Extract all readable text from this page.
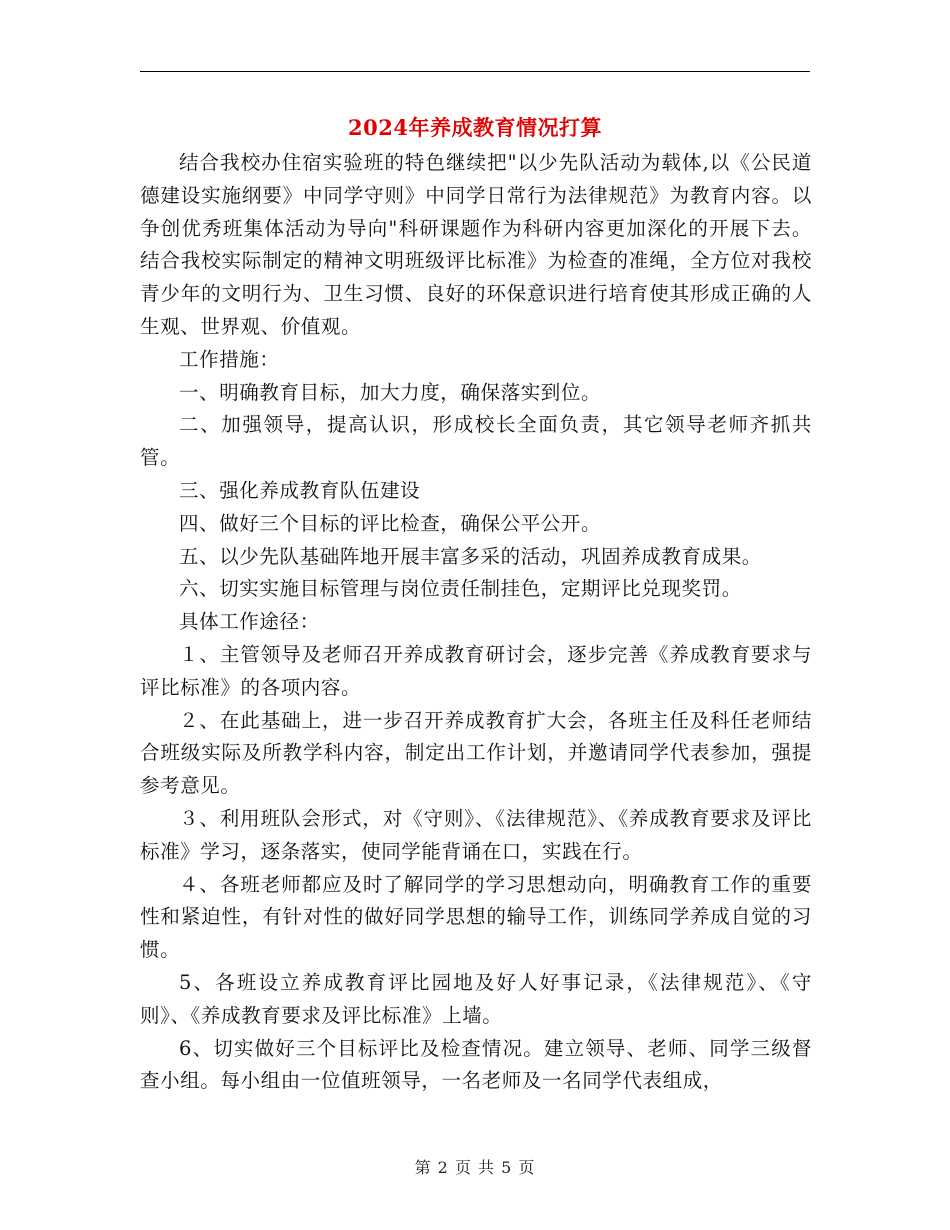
2024年养成教育情况打算

结合我校办住宿实验班的特色继续把"以少先队活动为载体,以《公民道德建设实施纲要》中同学守则》中同学日常行为法律规范》为教育内容。以争创优秀班集体活动为导向"科研课题作为科研内容更加深化的开展下去。结合我校实际制定的精神文明班级评比标准》为检查的准绳，全方位对我校青少年的文明行为、卫生习惯、良好的环保意识进行培育使其形成正确的人生观、世界观、价值观。

工作措施：

一、明确教育目标，加大力度，确保落实到位。

二、加强领导，提高认识，形成校长全面负责，其它领导老师齐抓共管。

三、强化养成教育队伍建设

四、做好三个目标的评比检查，确保公平公开。

五、以少先队基础阵地开展丰富多采的活动，巩固养成教育成果。

六、切实实施目标管理与岗位责任制挂色，定期评比兑现奖罚。

具体工作途径：

１、主管领导及老师召开养成教育研讨会，逐步完善《养成教育要求与评比标准》的各项内容。

２、在此基础上，进一步召开养成教育扩大会，各班主任及科任老师结合班级实际及所教学科内容，制定出工作计划，并邀请同学代表参加，强提参考意见。

３、利用班队会形式，对《守则》、《法律规范》、《养成教育要求及评比标准》学习，逐条落实，使同学能背诵在口，实践在行。

４、各班老师都应及时了解同学的学习思想动向，明确教育工作的重要性和紧迫性，有针对性的做好同学思想的输导工作，训练同学养成自觉的习惯。

5、各班设立养成教育评比园地及好人好事记录，《法律规范》、《守则》、《养成教育要求及评比标准》上墙。

6、切实做好三个目标评比及检查情况。建立领导、老师、同学三级督查小组。每小组由一位值班领导，一名老师及一名同学代表组成，

第 2 页 共 5 页
